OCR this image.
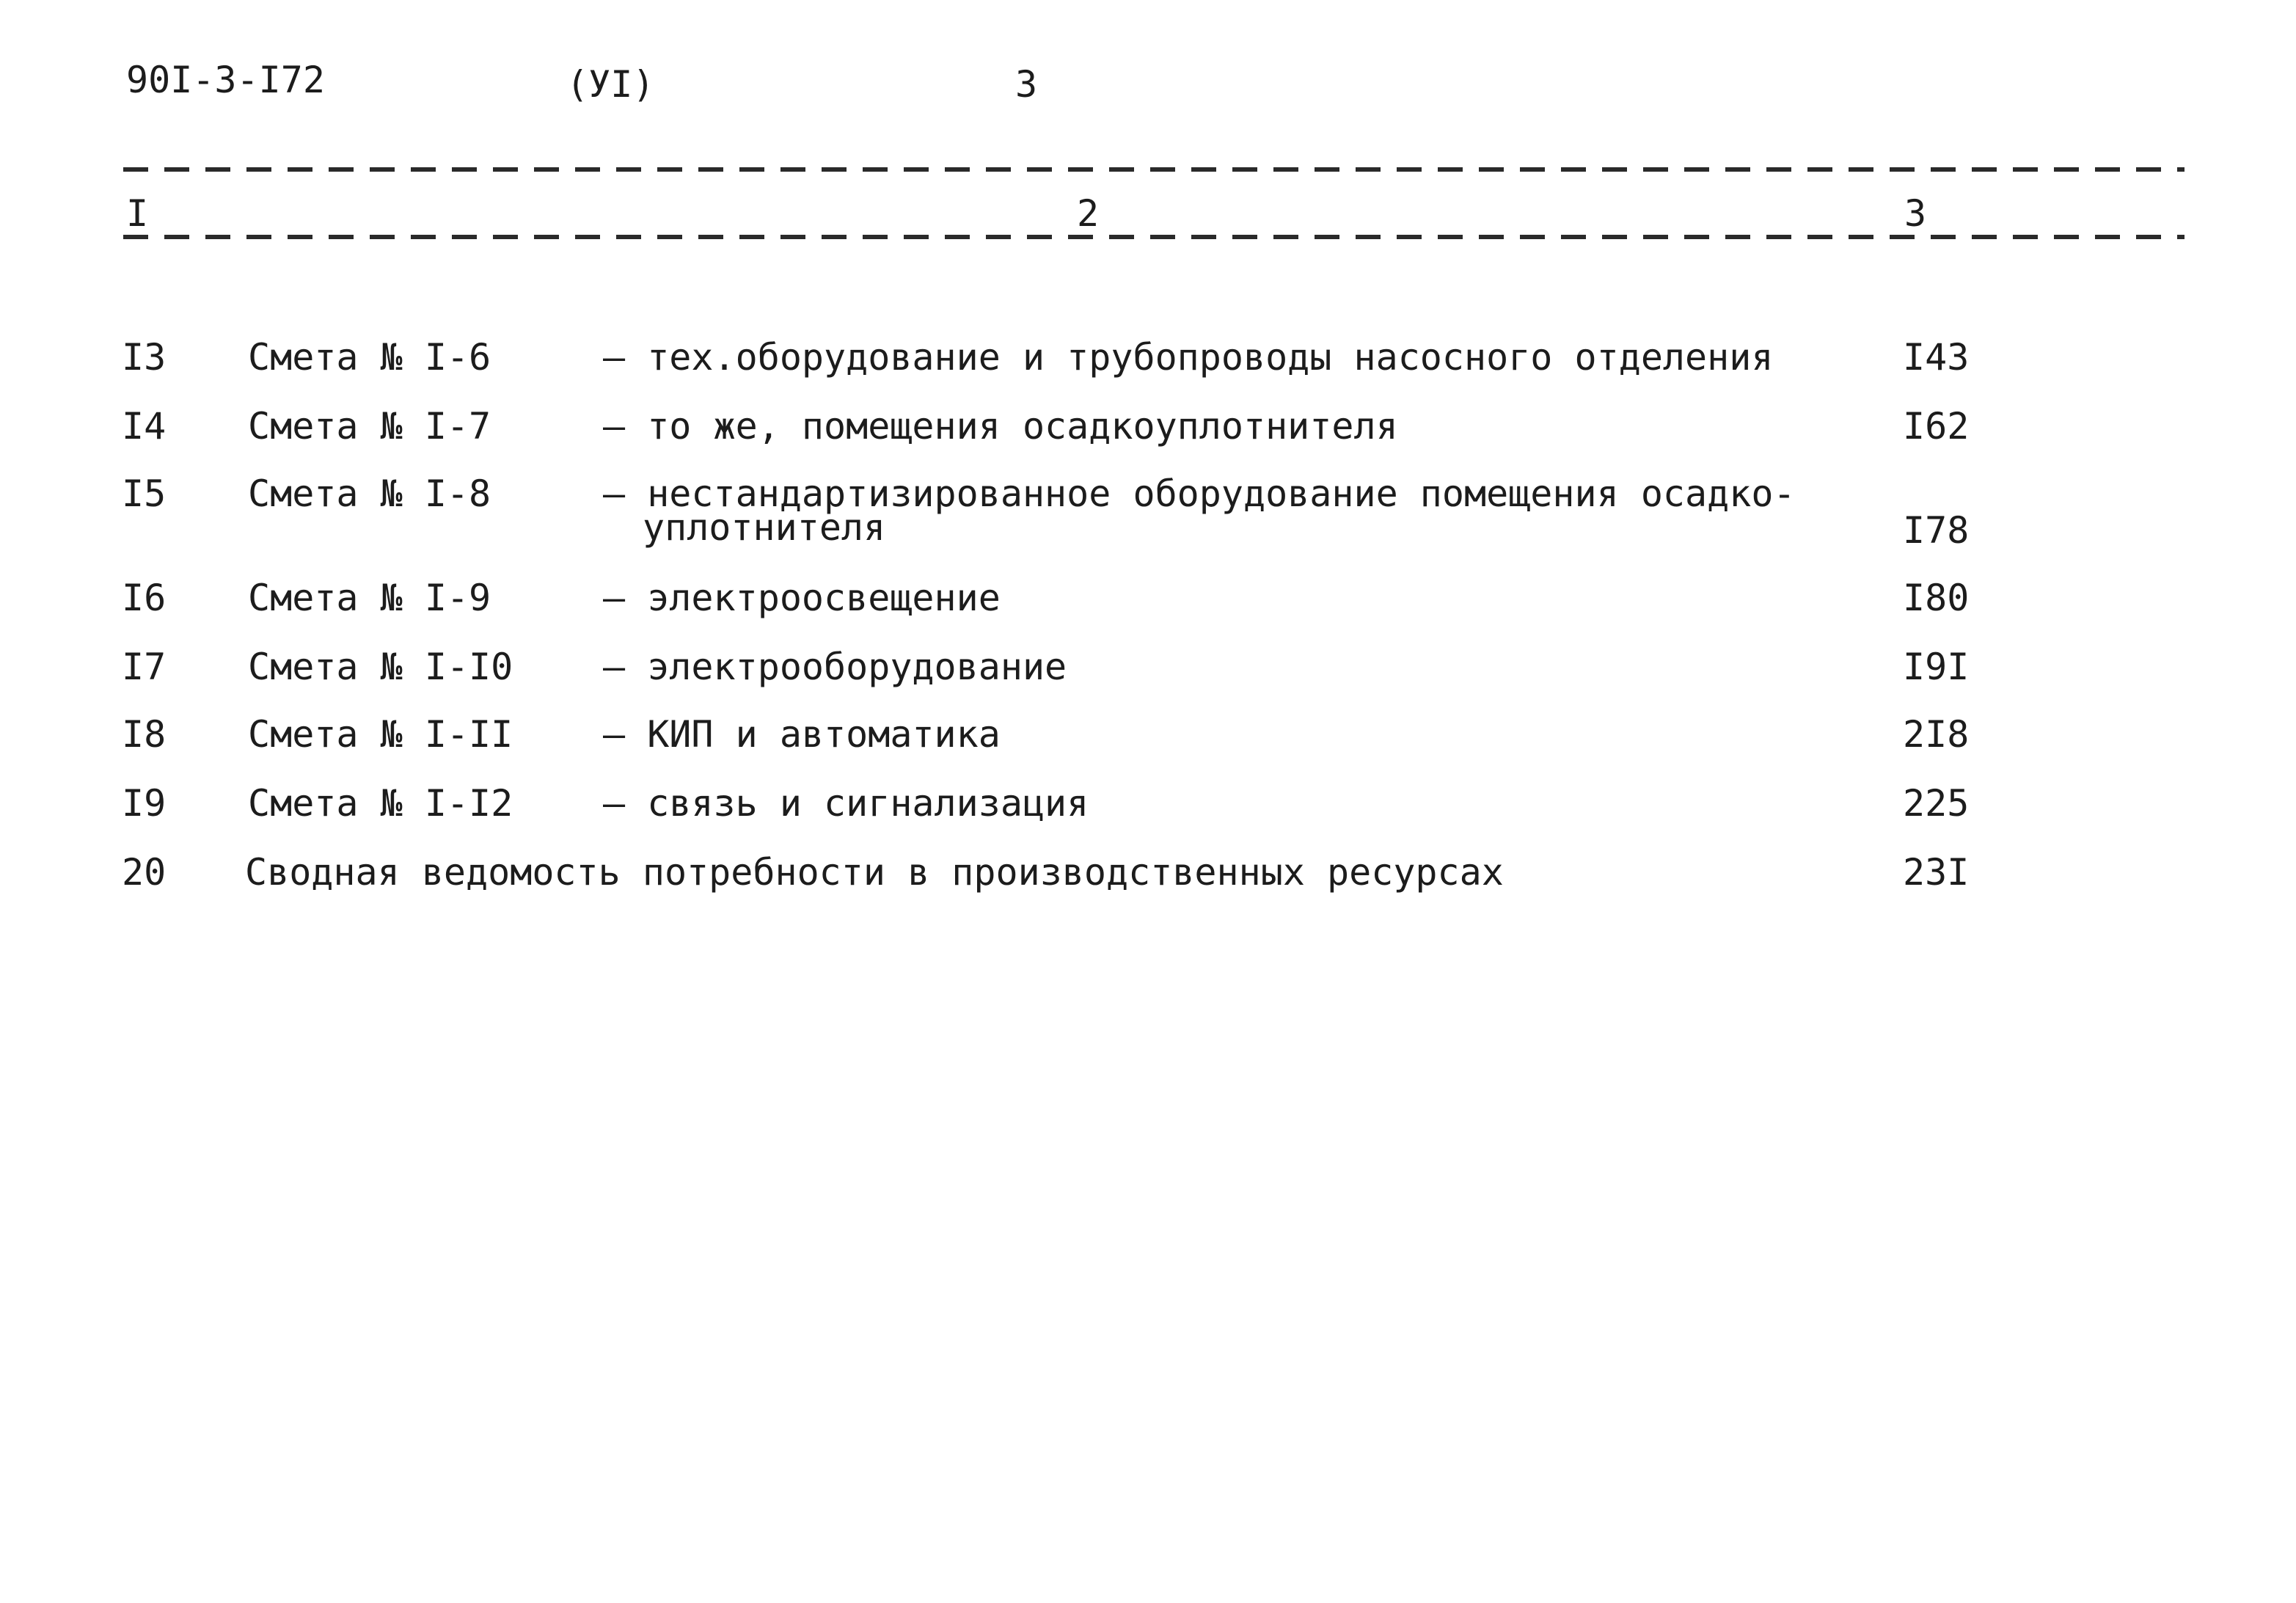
90I-3-I72	(УI)	3
I	2	3
I3 Смета № I-6	– тех.оборудование и трубопроводы насосного отделения	I43
I4 Смета № I-7	– то же, помещения осадкоуплотнителя	I62
I5 Смета № I-8	– нестандартизированное оборудование помещения осадко-
уплотнителя	I78
I6 Смета № I-9	– электроосвещение	I80
I7 Смета № I-I0 – электрооборудование	I9I
I8 Смета № I-II – КИП и автоматика	2I8
I9 Смета № I-I2 – связь и сигнализация	225
20 Сводная ведомость потребности в производственных ресурсах	23I
